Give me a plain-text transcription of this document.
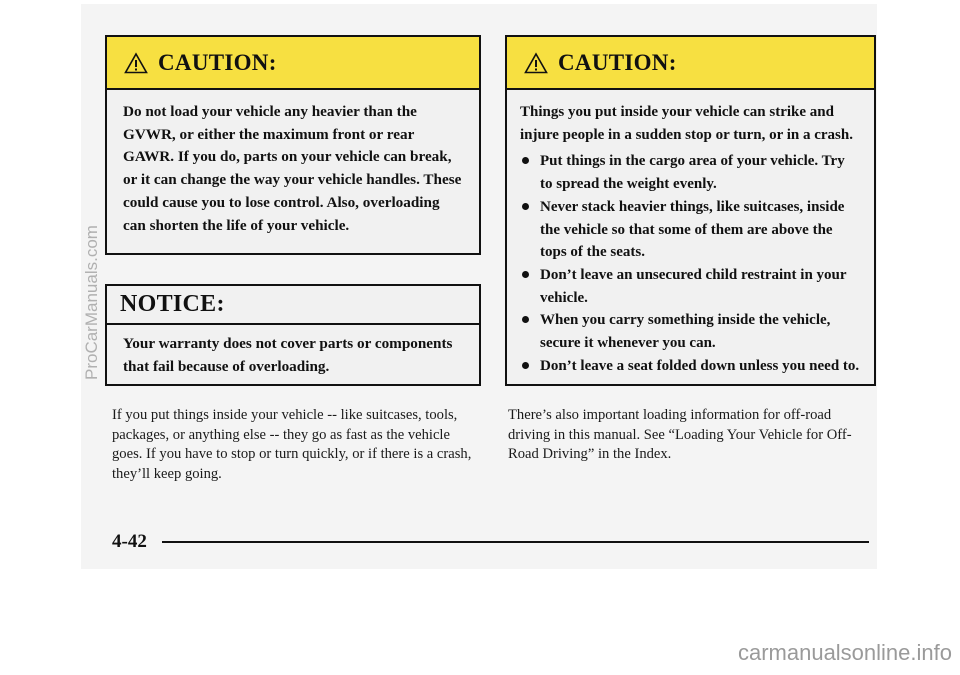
CAUTION:

Do not load your vehicle any heavier than the GVWR, or either the maximum front or rear GAWR. If you do, parts on your vehicle can break, or it can change the way your vehicle handles. These could cause you to lose control. Also, overloading can shorten the life of your vehicle.

NOTICE:

Your warranty does not cover parts or components that fail because of overloading.

CAUTION:

Things you put inside your vehicle can strike and injure people in a sudden stop or turn, or in a crash.

Put things in the cargo area of your vehicle. Try to spread the weight evenly.
Never stack heavier things, like suitcases, inside the vehicle so that some of them are above the tops of the seats.
Don’t leave an unsecured child restraint in your vehicle.
When you carry something inside the vehicle, secure it whenever you can.
Don’t leave a seat folded down unless you need to.

If you put things inside your vehicle -- like suitcases, tools, packages, or anything else -- they go as fast as the vehicle goes. If you have to stop or turn quickly, or if there is a crash, they’ll keep going.

There’s also important loading information for off-road driving in this manual. See “Loading Your Vehicle for Off-Road Driving” in the Index.

4-42
ProCarManuals.com
carmanualsonline.info
